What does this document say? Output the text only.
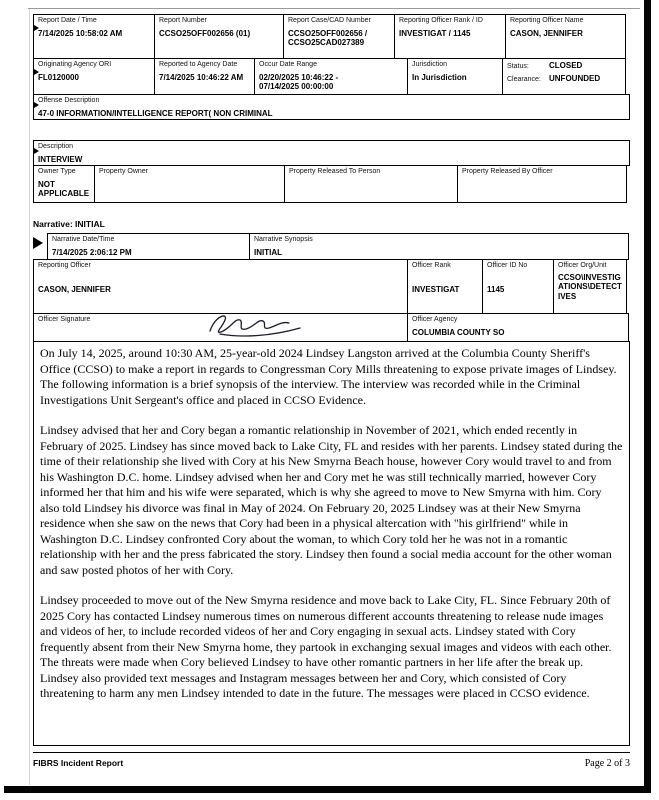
Report Date / Time
7/14/2025 10:58:02 AM
Report Number
CCSO25OFF002656 (01)
Report Case/CAD Number
CCSO25OFF002656 / CCSO25CAD027389
Reporting Officer Rank / ID
INVESTIGAT / 1145
Reporting Officer Name
CASON, JENNIFER
Originating Agency ORI
FL0120000
Reported to Agency Date
7/14/2025 10:46:22 AM
Occur Date Range
02/20/2025 10:46:22 - 07/14/2025 00:00:00
Jurisdiction
In Jurisdiction
Status:	CLOSED
Clearance:	UNFOUNDED
Offense Description
47-0 INFORMATION/INTELLIGENCE REPORT( NON CRIMINAL
Description
INTERVIEW
Owner Type
NOT APPLICABLE
Property Owner	Property Released To Person	Property Released By Officer
Narrative: INITIAL
Narrative Date/Time
7/14/2025 2:06:12 PM
Narrative Synopsis
INITIAL
Reporting Officer
CASON, JENNIFER
Officer Rank
INVESTIGAT
Officer ID No
1145
Officer Org/Unit
CCSO\INVESTIGATIONS\DETECTIVES
Officer Signature	Officer Agency
COLUMBIA COUNTY SO

On July 14, 2025, around 10:30 AM, 25-year-old 2024 Lindsey Langston arrived at the Columbia County Sheriff's Office (CCSO) to make a report in regards to Congressman Cory Mills threatening to expose private images of Lindsey. The following information is a brief synopsis of the interview. The interview was recorded while in the Criminal Investigations Unit Sergeant's office and placed in CCSO Evidence.

Lindsey advised that her and Cory began a romantic relationship in November of 2021, which ended recently in February of 2025. Lindsey has since moved back to Lake City, FL and resides with her parents. Lindsey stated during the time of their relationship she lived with Cory at his New Smyrna Beach house, however Cory would travel to and from his Washington D.C. home. Lindsey advised when her and Cory met he was still technically married, however Cory informed her that him and his wife were separated, which is why she agreed to move to New Smyrna with him. Cory also told Lindsey his divorce was final in May of 2024. On February 20, 2025 Lindsey was at their New Smyrna residence when she saw on the news that Cory had been in a physical altercation with "his girlfriend" while in Washington D.C. Lindsey confronted Cory about the woman, to which Cory told her he was not in a romantic relationship with her and the press fabricated the story. Lindsey then found a social media account for the other woman and saw posted photos of her with Cory.

Lindsey proceeded to move out of the New Smyrna residence and move back to Lake City, FL. Since February 20th of 2025 Cory has contacted Lindsey numerous times on numerous different accounts threatening to release nude images and videos of her, to include recorded videos of her and Cory engaging in sexual acts. Lindsey stated with Cory frequently absent from their New Smyrna home, they partook in exchanging sexual images and videos with each other. The threats were made when Cory believed Lindsey to have other romantic partners in her life after the break up. Lindsey also provided text messages and Instagram messages between her and Cory, which consisted of Cory threatening to harm any men Lindsey intended to date in the future. The messages were placed in CCSO evidence.

FIBRS Incident Report	Page 2 of 3
